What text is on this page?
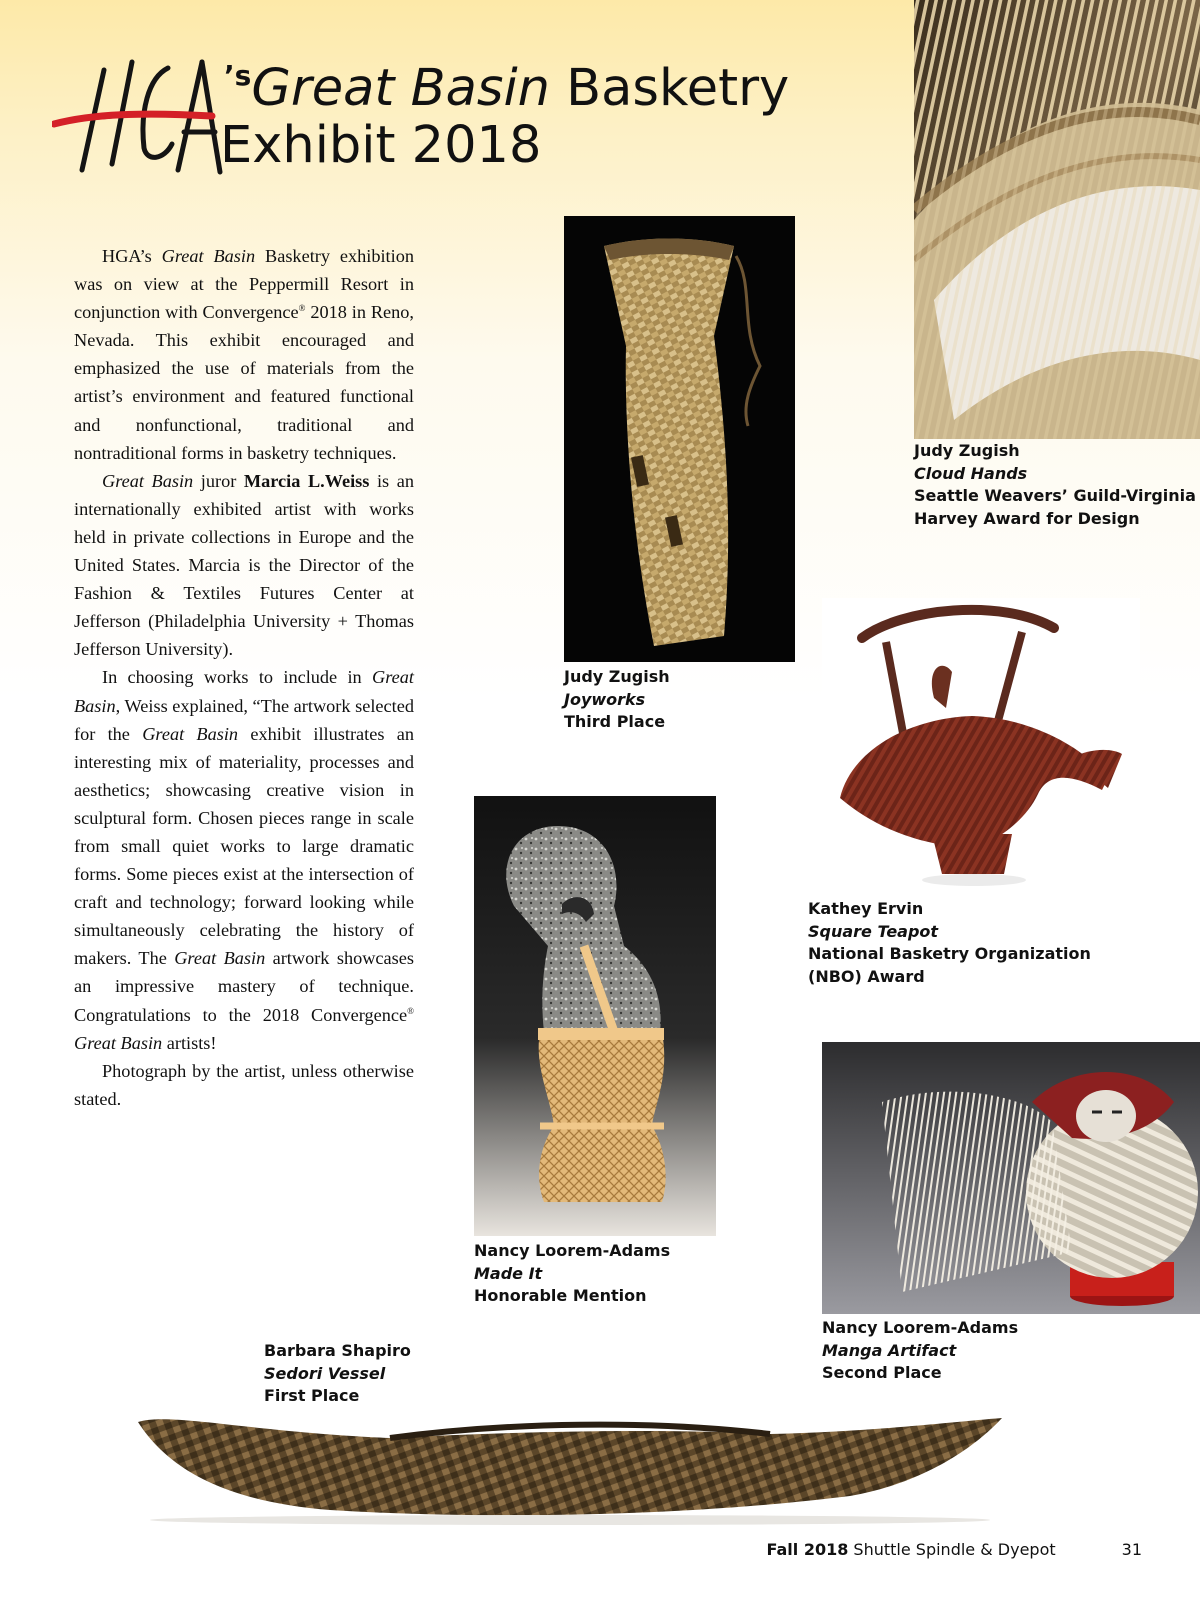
$^{’s}$Great Basin Basketry
Exhibit 2018

HGA’s Great Basin Basketry exhibition was on view at the Peppermill Resort in conjunction with Convergence® 2018 in Reno, Nevada. This exhibit encouraged and emphasized the use of materials from the artist’s environment and featured functional and nonfunctional, traditional and nontraditional forms in basketry techniques.

Great Basin juror Marcia L.Weiss is an internationally exhibited artist with works held in private collections in Europe and the United States. Marcia is the Director of the Fashion & Textiles Futures Center at Jefferson (Philadelphia University + Thomas Jefferson University).

In choosing works to include in Great Basin, Weiss explained, “The artwork selected for the Great Basin exhibit illustrates an interesting mix of materiality, processes and aesthetics; showcasing creative vision in sculptural form. Chosen pieces range in scale from small quiet works to large dramatic forms. Some pieces exist at the intersection of craft and technology; forward looking while simultaneously celebrating the history of makers. The Great Basin artwork showcases an impressive mastery of technique. Congratulations to the 2018 Convergence® Great Basin artists!

Photograph by the artist, unless otherwise stated.

Judy Zugish
Cloud Hands
Seattle Weavers’ Guild-Virginia
Harvey Award for Design
Judy Zugish
Joyworks
Third Place
Kathey Ervin
Square Teapot
National Basketry Organization
(NBO) Award
Nancy Loorem-Adams
Made It
Honorable Mention
Nancy Loorem-Adams
Manga Artifact
Second Place
Barbara Shapiro
Sedori Vessel
First Place
Fall 2018 Shuttle Spindle & Dyepot	31
